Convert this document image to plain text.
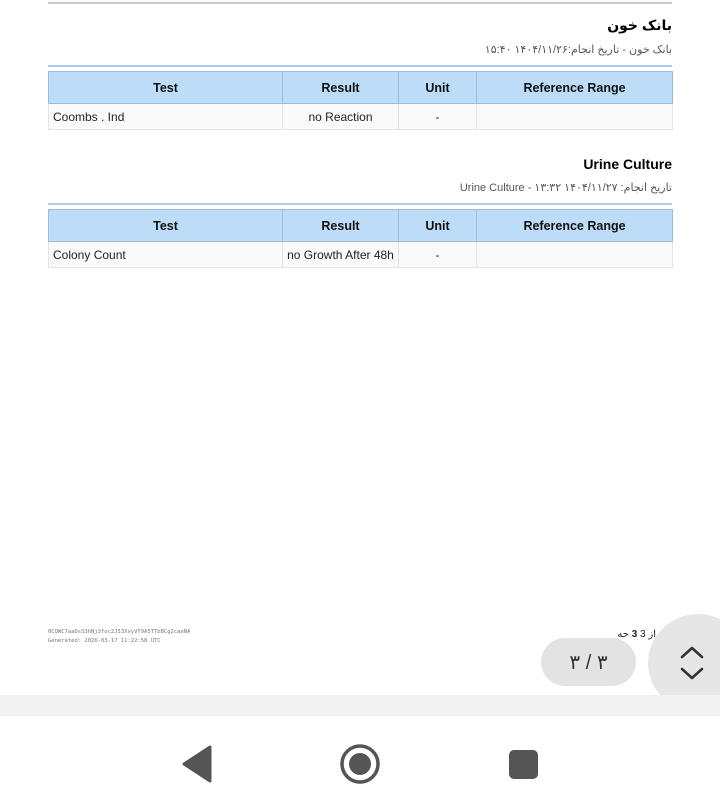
بانک خون
۱۵:۴۰ ۱۴۰۴/۱۱/۲۶بانک خون - تاریخ انجام:
Test	Result	Unit	Reference Range
Coombs . Ind	no Reaction	-	
Urine Culture
Urine Culture - ۱۳:۳۲ ۱۴۰۴/۱۱/۲۷ :تاریخ انجام
Test	Result	Unit	Reference Range
Colony Count	no Growth After 48h	-	
0CQWC7aaDsS3hNj3foc2J53XvyVY9A5TTbBCg2caeNA
Generated: 2026-03-17 11:22:58 UTC
از 3 3 حه
۳ / ۳
